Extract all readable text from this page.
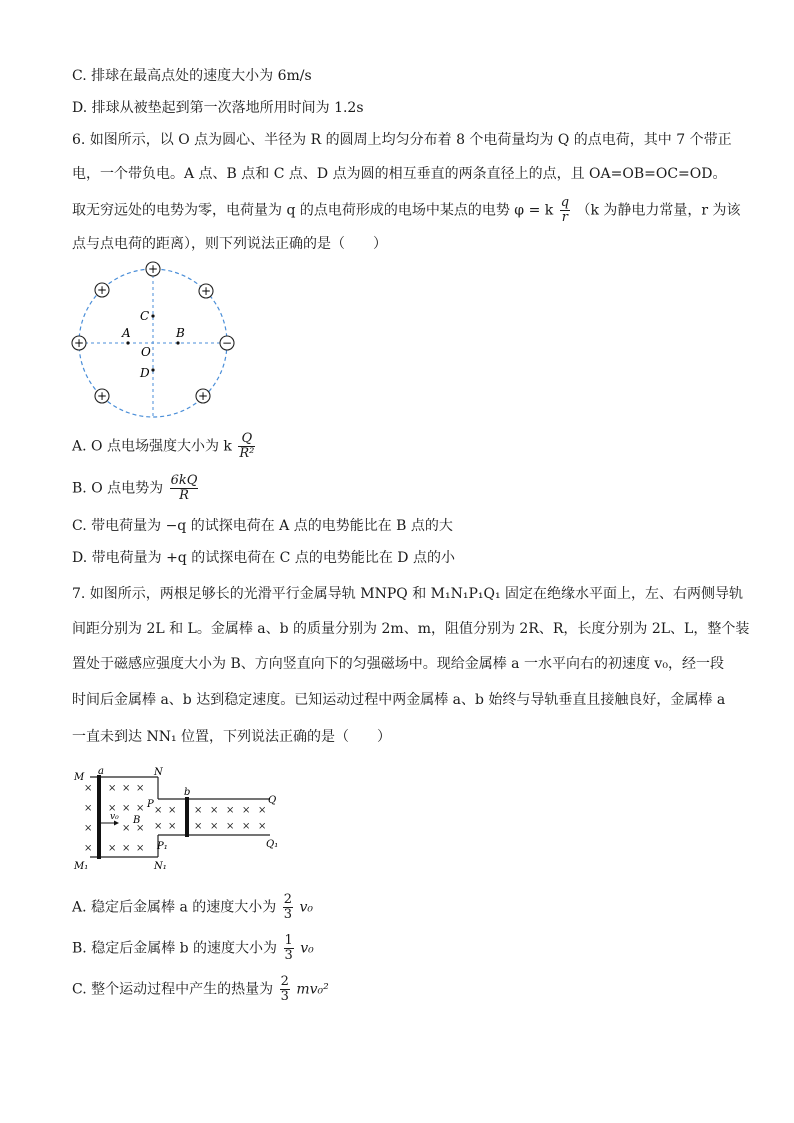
C. 排球在最高点处的速度大小为 6m/s
D. 排球从被垫起到第一次落地所用时间为 1.2s
6. 如图所示，以 O 点为圆心、半径为 R 的圆周上均匀分布着 8 个电荷量均为 Q 的点电荷，其中 7 个带正
电，一个带负电。A 点、B 点和 C 点、D 点为圆的相互垂直的两条直径上的点，且 OA=OB=OC=OD。
取无穷远处的电势为零，电荷量为 q 的点电荷形成的电场中某点的电势 φ = k $\frac{q}{r} (k$ 为静电力常量，r 为该
点与点电荷的距离），则下列说法正确的是（　　）
+
+	+
+	−
+	+
C
A
O
B
D
A. O 点电场强度大小为 k $\frac{Q}{\text{R²}}$
B. O 点电势为 $\frac{6kQ}{R}$
C. 带电荷量为 −q 的试探电荷在 A 点的电势能比在 B 点的大
D. 带电荷量为 +q 的试探电荷在 C 点的电势能比在 D 点的小
7. 如图所示，两根足够长的光滑平行金属导轨 MNPQ 和 M₁N₁P₁Q₁ 固定在绝缘水平面上，左、右两侧导轨
间距分别为 2L 和 L。金属棒 a、b 的质量分别为 2m、m，阻值分别为 2R、R，长度分别为 2L、L，整个装
置处于磁感应强度大小为 B、方向竖直向下的匀强磁场中。现给金属棒 a 一水平向右的初速度 v₀，经一段
时间后金属棒 a、b 达到稳定速度。已知运动过程中两金属棒 a、b 始终与导轨垂直且接触良好，金属棒 a
一直未到达 NN₁ 位置，下列说法正确的是（　　）
×
×
×
×
× × ×
× × ×
× ×
× × ×
× ×
× ×
× × × × ×
× × × × ×
v₀ B
M
a	N
P
b
Q
P₁
M₁	N₁
Q₁
A. 稳定后金属棒 a 的速度大小为 $\frac{2}{3} v_0$
B. 稳定后金属棒 b 的速度大小为 $\frac{1}{3} v_0$
C. 整个运动过程中产生的热量为 $\frac{2}{3} mv_0^2$
